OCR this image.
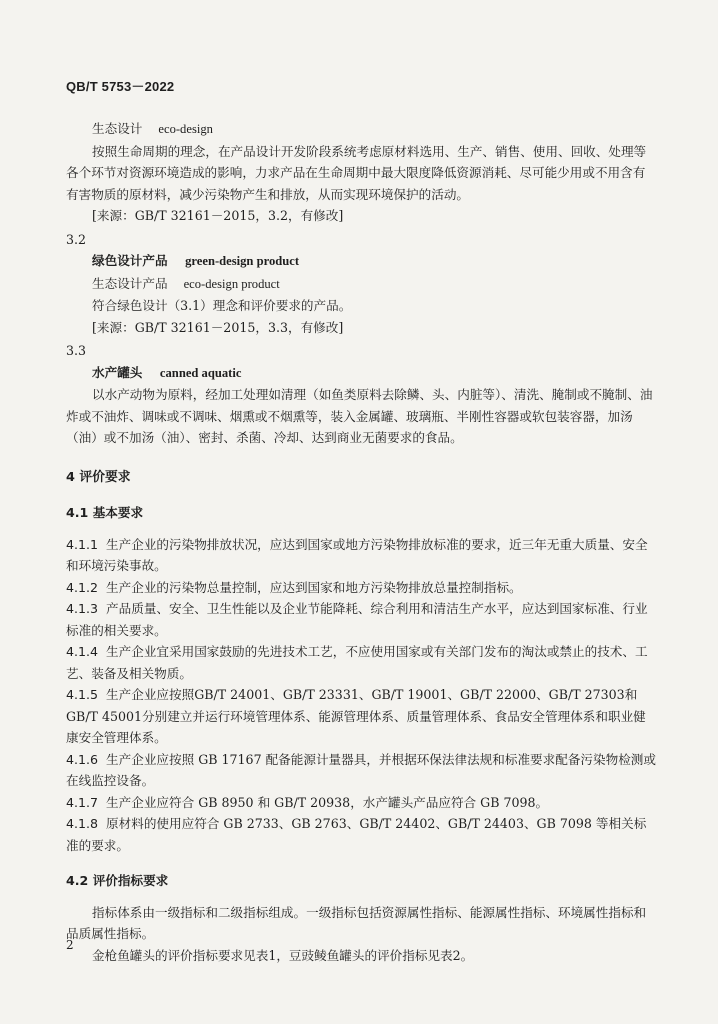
QB/T 5753－2022

生态设计 eco-design

按照生命周期的理念，在产品设计开发阶段系统考虑原材料选用、生产、销售、使用、回收、处理等各个环节对资源环境造成的影响，力求产品在生命周期中最大限度降低资源消耗、尽可能少用或不用含有有害物质的原材料，减少污染物产生和排放，从而实现环境保护的活动。

[来源：GB/T 32161－2015，3.2，有修改]

3.2

绿色设计产品 green-design product

生态设计产品 eco-design product

符合绿色设计（3.1）理念和评价要求的产品。

[来源：GB/T 32161－2015，3.3，有修改]

3.3

水产罐头 canned aquatic

以水产动物为原料，经加工处理如清理（如鱼类原料去除鳞、头、内脏等）、清洗、腌制或不腌制、油炸或不油炸、调味或不调味、烟熏或不烟熏等，装入金属罐、玻璃瓶、半刚性容器或软包装容器，加汤（油）或不加汤（油）、密封、杀菌、冷却、达到商业无菌要求的食品。

4 评价要求

4.1 基本要求

4.1.1 生产企业的污染物排放状况，应达到国家或地方污染物排放标准的要求，近三年无重大质量、安全和环境污染事故。

4.1.2 生产企业的污染物总量控制，应达到国家和地方污染物排放总量控制指标。

4.1.3 产品质量、安全、卫生性能以及企业节能降耗、综合利用和清洁生产水平，应达到国家标准、行业标准的相关要求。

4.1.4 生产企业宜采用国家鼓励的先进技术工艺，不应使用国家或有关部门发布的淘汰或禁止的技术、工艺、装备及相关物质。

4.1.5 生产企业应按照GB/T 24001、GB/T 23331、GB/T 19001、GB/T 22000、GB/T 27303和GB/T 45001分别建立并运行环境管理体系、能源管理体系、质量管理体系、食品安全管理体系和职业健康安全管理体系。

4.1.6 生产企业应按照 GB 17167 配备能源计量器具，并根据环保法律法规和标准要求配备污染物检测或在线监控设备。

4.1.7 生产企业应符合 GB 8950 和 GB/T 20938，水产罐头产品应符合 GB 7098。

4.1.8 原材料的使用应符合 GB 2733、GB 2763、GB/T 24402、GB/T 24403、GB 7098 等相关标准的要求。

4.2 评价指标要求

指标体系由一级指标和二级指标组成。一级指标包括资源属性指标、能源属性指标、环境属性指标和品质属性指标。

金枪鱼罐头的评价指标要求见表1，豆豉鲮鱼罐头的评价指标见表2。

2
